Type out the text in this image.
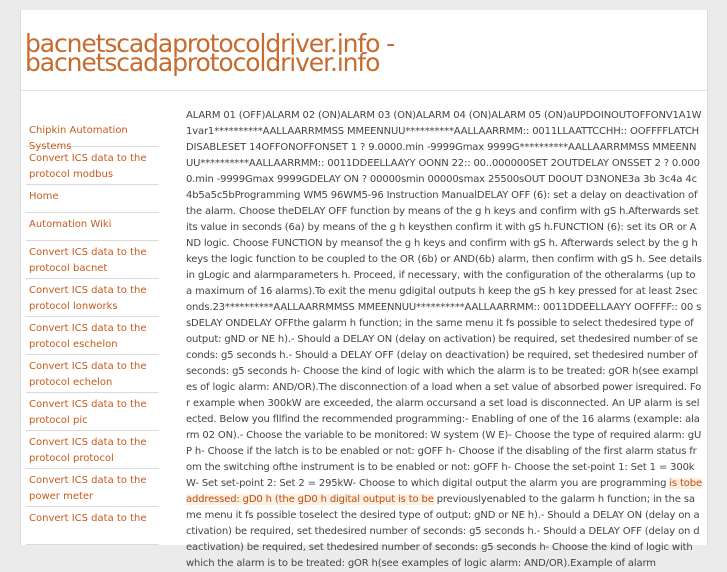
bacnetscadaprotocoldriver.info - bacnetscadaprotocoldriver.info
Chipkin Automation Systems
Convert ICS data to the protocol modbus
Home
Automation Wiki
Convert ICS data to the protocol bacnet
Convert ICS data to the protocol lonworks
Convert ICS data to the protocol eschelon
Convert ICS data to the protocol echelon
Convert ICS data to the protocol pic
Convert ICS data to the protocol protocol
Convert ICS data to the power meter
Convert ICS data to the

ALARM 01 (OFF)ALARM 02 (ON)ALARM 03 (ON)ALARM 04 (ON)ALARM 05 (ON)aUPDOINOUTOFFONV1A1W1var1**********AALLAARRMMSS MMEENNUU**********AALLAARRMM:: 0011LLAATTCCHH:: OOFFFFLATCHDISABLESET 14OFFONOFFONSET 1 ? 9.0000.min -9999Gmax 9999G**********AALLAARRMMSS MMEENNUU**********AALLAARRMM:: 0011DDEELLAAYY OONN 22:: 00..000000SET 2OUTDELAY ONSSET 2 ? 0.0000.min -9999Gmax 9999GDELAY ON ? 00000smin 00000smax 25500sOUT D0OUT D3NONE3a 3b 3c4a 4c 4b5a5c5bProgramming WM5 96WM5-96 Instruction ManualDELAY OFF (6): set a delay on deactivation of the alarm. Choose theDELAY OFF function by means of the g h keys and confirm with gS h.Afterwards set its value in seconds (6a) by means of the g h keysthen confirm it with gS h.FUNCTION (6): set its OR or AND logic. Choose FUNCTION by meansof the g h keys and confirm with gS h. Afterwards select by the g h keys the logic function to be coupled to the OR (6b) or AND(6b) alarm, then confirm with gS h. See details in gLogic and alarmparameters h. Proceed, if necessary, with the configuration of the otheralarms (up to a maximum of 16 alarms).To exit the menu gdigital outputs h keep the gS h key pressed for at least 2seconds.23**********AALLAARRMMSS MMEENNUU**********AALLAARRMM:: 0011DDEELLAAYY OOFFFF:: 00 ssDELAY ONDELAY OFFthe galarm h function; in the same menu it fs possible to select thedesired type of output: gND or NE h).- Should a DELAY ON (delay on activation) be required, set thedesired number of seconds: g5 seconds h.- Should a DELAY OFF (delay on deactivation) be required, set thedesired number of seconds: g5 seconds h- Choose the kind of logic with which the alarm is to be treated: gOR h(see examples of logic alarm: AND/OR).The disconnection of a load when a set value of absorbed power isrequired. For example when 300kW are exceeded, the alarm occursand a set load is disconnected. An UP alarm is selected. Below you fllfind the recommended programming:- Enabling of one of the 16 alarms (example: alarm 02 ON).- Choose the variable to be monitored: W system (W E)- Choose the type of required alarm: gUP h- Choose if the latch is to be enabled or not: gOFF h- Choose if the disabling of the first alarm status from the switching ofthe instrument is to be enabled or not: gOFF h- Choose the set-point 1: Set 1 = 300kW- Set set-point 2: Set 2 = 295kW- Choose to which digital output the alarm you are programming is tobe addressed: gD0 h (the gD0 h digital output is to be previouslyenabled to the galarm h function; in the same menu it fs possible toselect the desired type of output: gND or NE h).- Should a DELAY ON (delay on activation) be required, set thedesired number of seconds: g5 seconds h.- Should a DELAY OFF (delay on deactivation) be required, set thedesired number of seconds: g5 seconds h- Choose the kind of logic with which the alarm is to be treated: gOR h(see examples of logic alarm: AND/OR).Example of alarm
